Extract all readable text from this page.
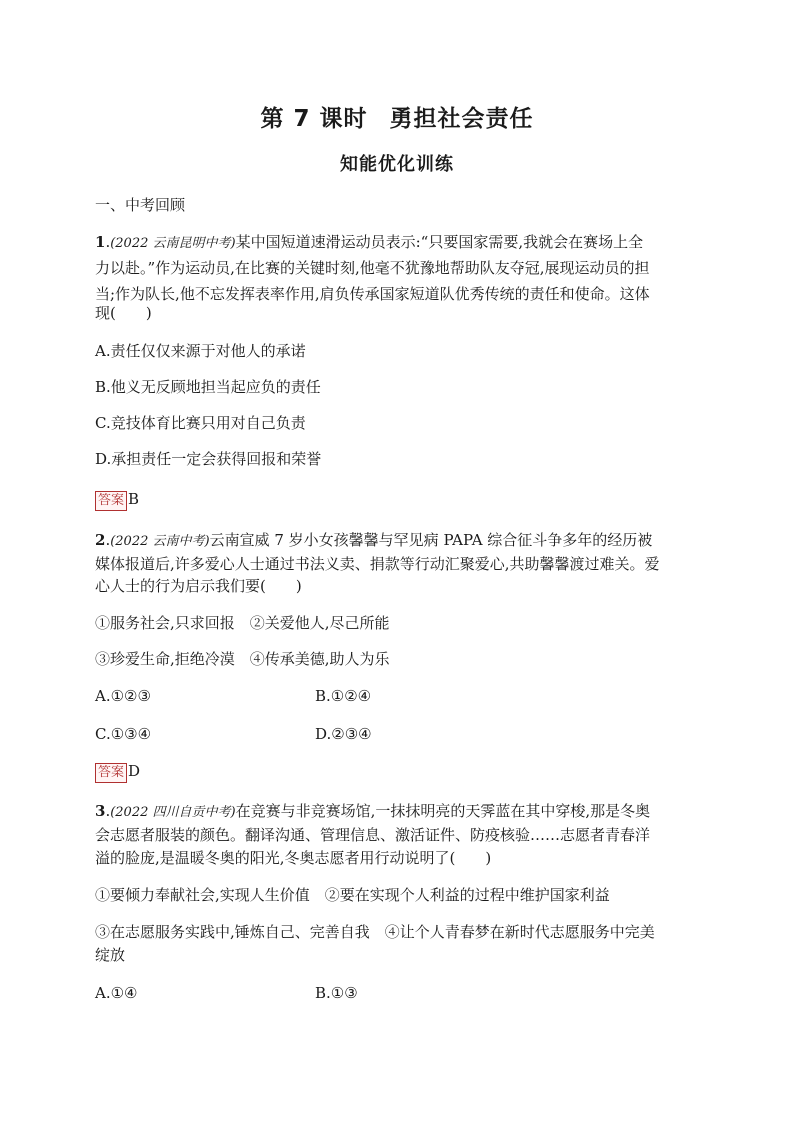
第 7 课时 勇担社会责任
知能优化训练
一、中考回顾
1.(2022 云南昆明中考)某中国短道速滑运动员表示:“只要国家需要,我就会在赛场上全
力以赴。”作为运动员,在比赛的关键时刻,他毫不犹豫地帮助队友夺冠,展现运动员的担
当;作为队长,他不忘发挥表率作用,肩负传承国家短道队优秀传统的责任和使命。这体
现(　　)
A.责任仅仅来源于对他人的承诺
B.他义无反顾地担当起应负的责任
C.竞技体育比赛只用对自己负责
D.承担责任一定会获得回报和荣誉
答案 B
2.(2022 云南中考)云南宣威 7 岁小女孩馨馨与罕见病 PAPA 综合征斗争多年的经历被
媒体报道后,许多爱心人士通过书法义卖、捐款等行动汇聚爱心,共助馨馨渡过难关。爱
心人士的行为启示我们要(　　)
①服务社会,只求回报　②关爱他人,尽己所能
③珍爱生命,拒绝冷漠　④传承美德,助人为乐
A.①②③	B.①②④
C.①③④	D.②③④
答案 D
3.(2022 四川自贡中考)在竞赛与非竞赛场馆,一抹抹明亮的天霁蓝在其中穿梭,那是冬奥
会志愿者服装的颜色。翻译沟通、管理信息、激活证件、防疫核验……志愿者青春洋
溢的脸庞,是温暖冬奥的阳光,冬奥志愿者用行动说明了(　　)
①要倾力奉献社会,实现人生价值　②要在实现个人利益的过程中维护国家利益
③在志愿服务实践中,锤炼自己、完善自我　④让个人青春梦在新时代志愿服务中完美
绽放
A.①④	B.①③
